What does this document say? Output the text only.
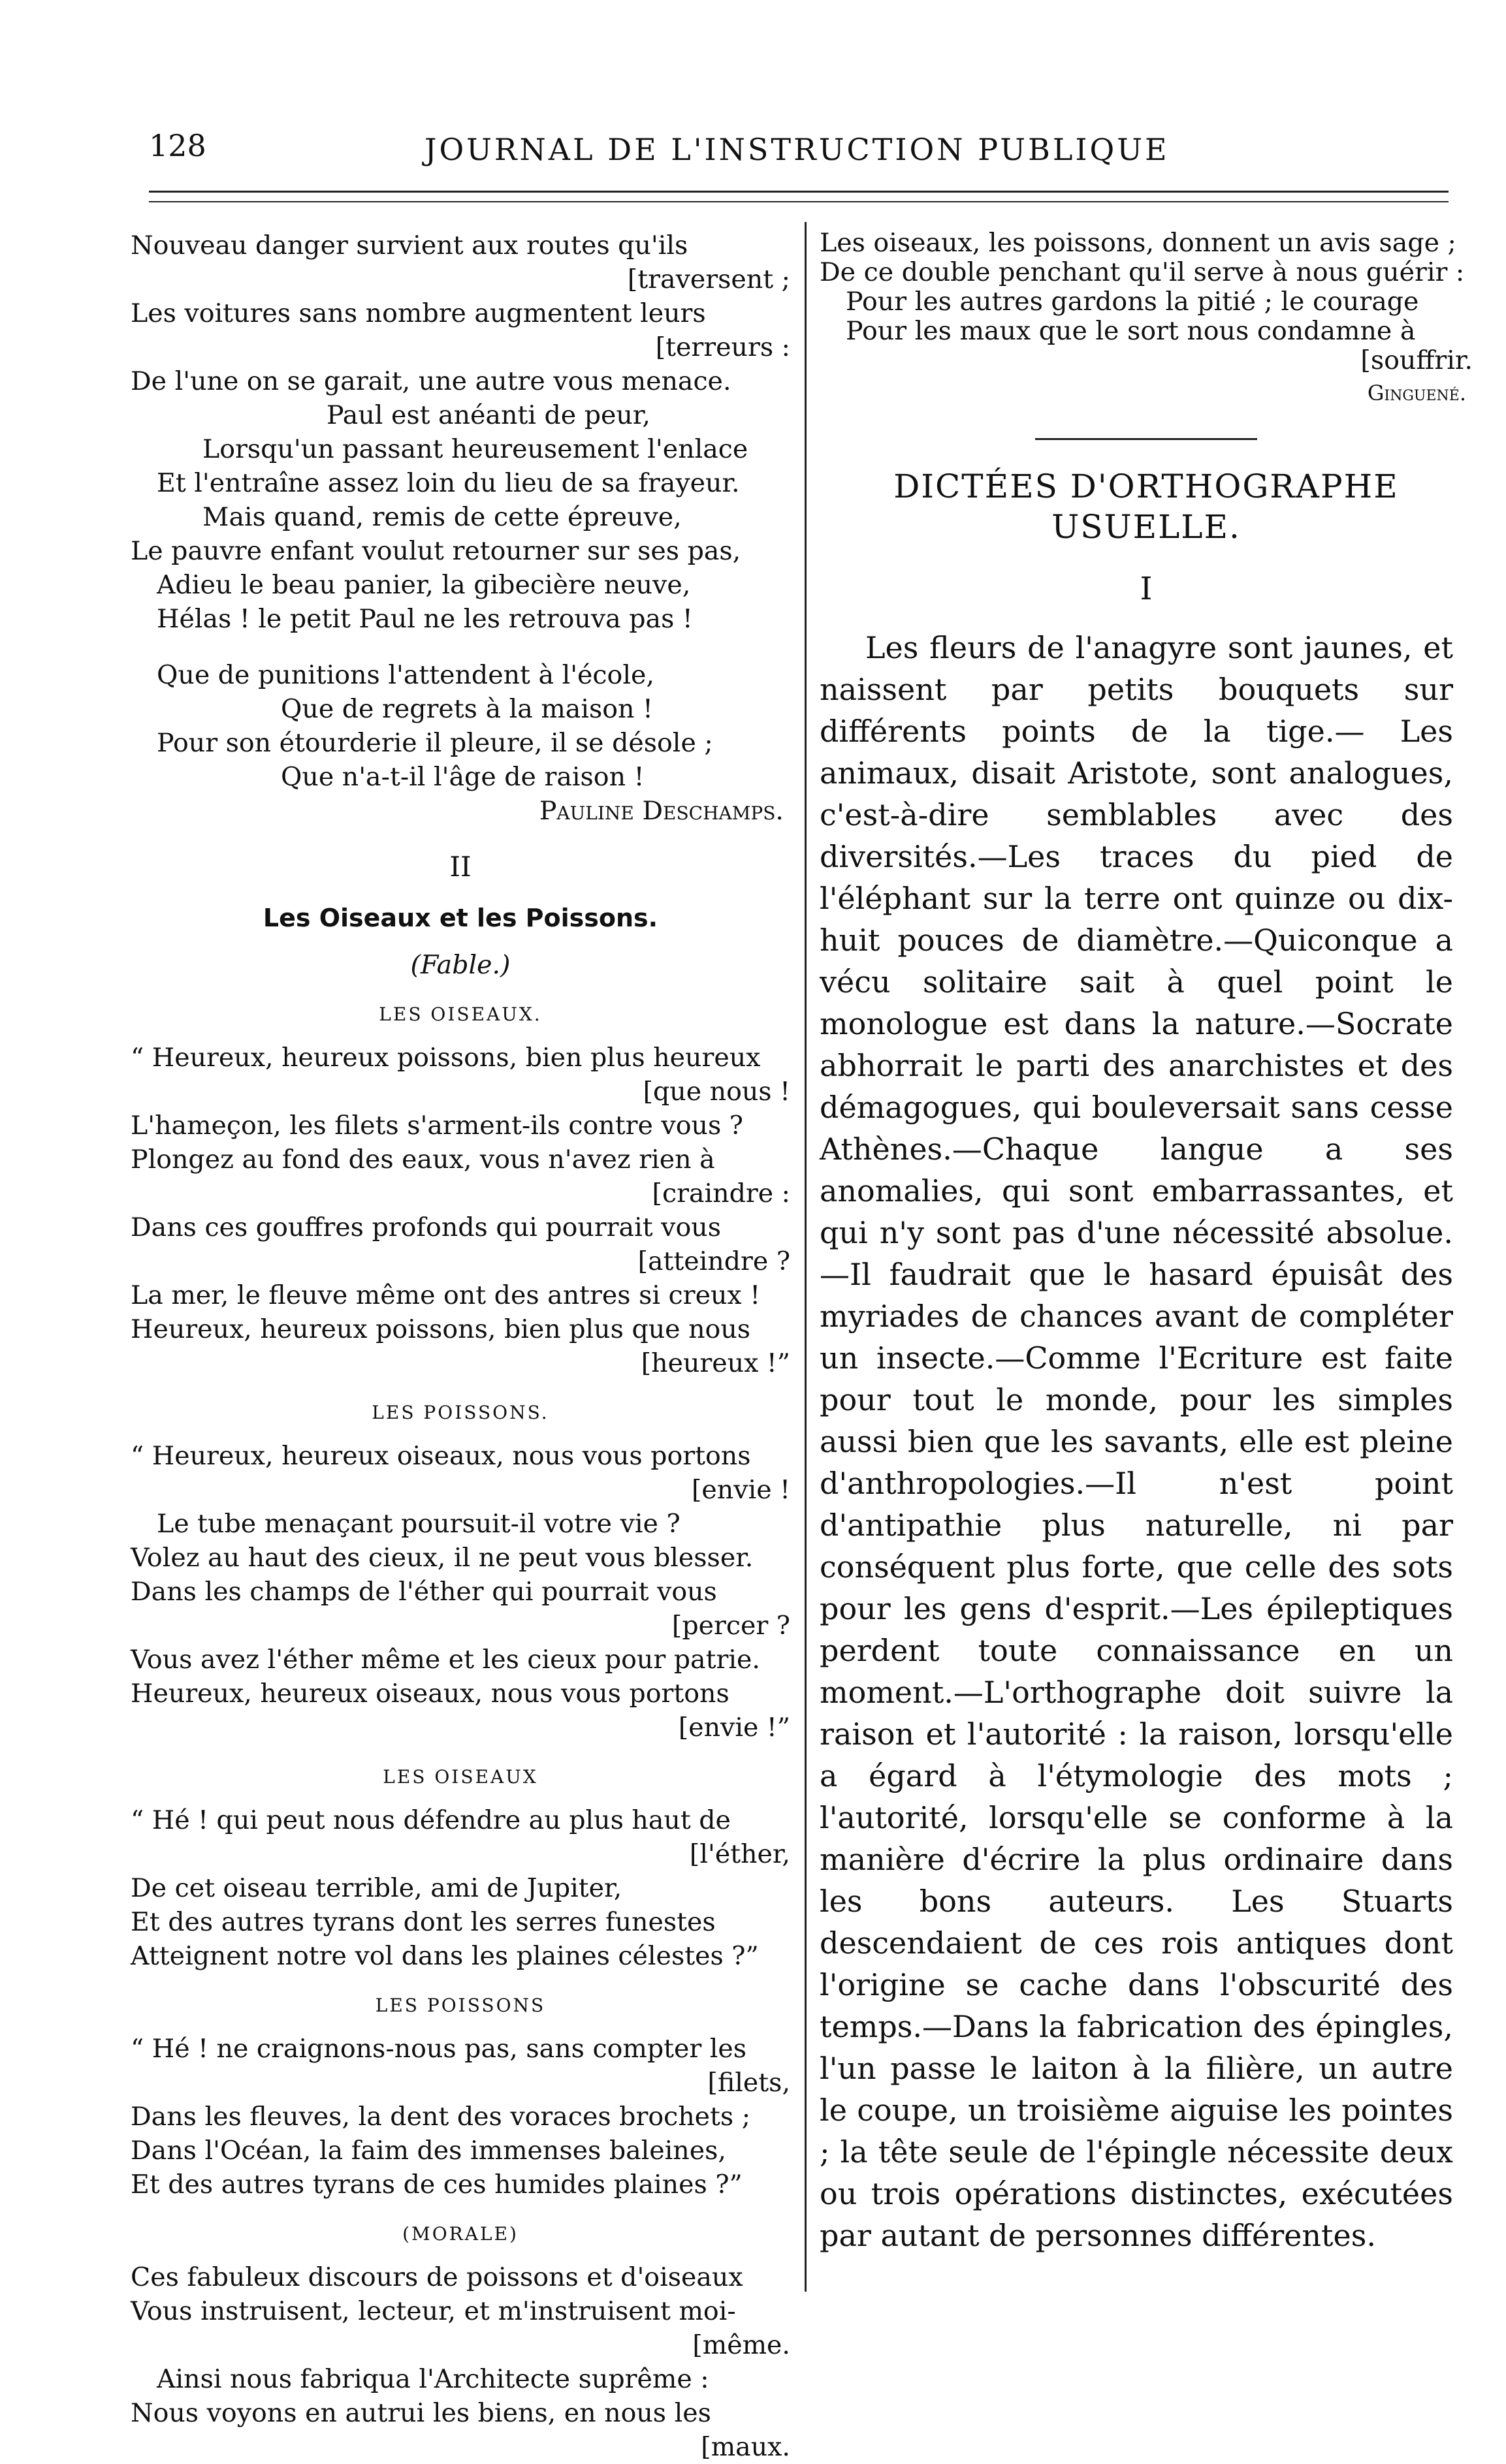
128	JOURNAL DE L'INSTRUCTION PUBLIQUE
Nouveau danger survient aux routes qu'ils
[traversent ;
Les voitures sans nombre augmentent leurs
[terreurs :
De l'une on se garait, une autre vous menace.
Paul est anéanti de peur,
Lorsqu'un passant heureusement l'enlace
Et l'entraîne assez loin du lieu de sa frayeur.
Mais quand, remis de cette épreuve,
Le pauvre enfant voulut retourner sur ses pas,
Adieu le beau panier, la gibecière neuve,
Hélas ! le petit Paul ne les retrouva pas !
Que de punitions l'attendent à l'école,
Que de regrets à la maison !
Pour son étourderie il pleure, il se désole ;
Que n'a-t-il l'âge de raison !
Pauline Deschamps.
II
Les Oiseaux et les Poissons.
(Fable.)
LES OISEAUX.
“ Heureux, heureux poissons, bien plus heureux
[que nous !
L'hameçon, les filets s'arment-ils contre vous ?
Plongez au fond des eaux, vous n'avez rien à
[craindre :
Dans ces gouffres profonds qui pourrait vous
[atteindre ?
La mer, le fleuve même ont des antres si creux !
Heureux, heureux poissons, bien plus que nous
[heureux !”
LES POISSONS.
“ Heureux, heureux oiseaux, nous vous portons
[envie !
Le tube menaçant poursuit-il votre vie ?
Volez au haut des cieux, il ne peut vous blesser.
Dans les champs de l'éther qui pourrait vous
[percer ?
Vous avez l'éther même et les cieux pour patrie.
Heureux, heureux oiseaux, nous vous portons
[envie !”
LES OISEAUX
“ Hé ! qui peut nous défendre au plus haut de
[l'éther,
De cet oiseau terrible, ami de Jupiter,
Et des autres tyrans dont les serres funestes
Atteignent notre vol dans les plaines célestes ?”
LES POISSONS
“ Hé ! ne craignons-nous pas, sans compter les
[filets,
Dans les fleuves, la dent des voraces brochets ;
Dans l'Océan, la faim des immenses baleines,
Et des autres tyrans de ces humides plaines ?”
(MORALE)
Ces fabuleux discours de poissons et d'oiseaux
Vous instruisent, lecteur, et m'instruisent moi-
[même.
Ainsi nous fabriqua l'Architecte suprême :
Nous voyons en autrui les biens, en nous les
[maux.
Les oiseaux, les poissons, donnent un avis sage ;
De ce double penchant qu'il serve à nous guérir :
Pour les autres gardons la pitié ; le courage
Pour les maux que le sort nous condamne à
[souffrir.
Ginguené.
DICTÉES D'ORTHOGRAPHE
USUELLE.
I

Les fleurs de l'anagyre sont jaunes, et naissent par petits bouquets sur différents points de la tige.— Les animaux, disait Aristote, sont analogues, c'est-à-dire semblables avec des diversités.—Les traces du pied de l'éléphant sur la terre ont quinze ou dix-huit pouces de diamètre.—Quiconque a vécu solitaire sait à quel point le monologue est dans la nature.—Socrate abhorrait le parti des anarchistes et des démagogues, qui bouleversait sans cesse Athènes.—Chaque langue a ses anomalies, qui sont embarrassantes, et qui n'y sont pas d'une nécessité absolue.—Il faudrait que le hasard épuisât des myriades de chances avant de compléter un insecte.—Comme l'Ecriture est faite pour tout le monde, pour les simples aussi bien que les savants, elle est pleine d'anthropologies.—Il n'est point d'antipathie plus naturelle, ni par conséquent plus forte, que celle des sots pour les gens d'esprit.—Les épileptiques perdent toute connaissance en un moment.—L'orthographe doit suivre la raison et l'autorité : la raison, lorsqu'elle a égard à l'étymologie des mots ; l'autorité, lorsqu'elle se conforme à la manière d'écrire la plus ordinaire dans les bons auteurs. Les Stuarts descendaient de ces rois antiques dont l'origine se cache dans l'obscurité des temps.—Dans la fabrication des épingles, l'un passe le laiton à la filière, un autre le coupe, un troisième aiguise les pointes ; la tête seule de l'épingle nécessite deux ou trois opérations distinctes, exécutées par autant de personnes différentes.
